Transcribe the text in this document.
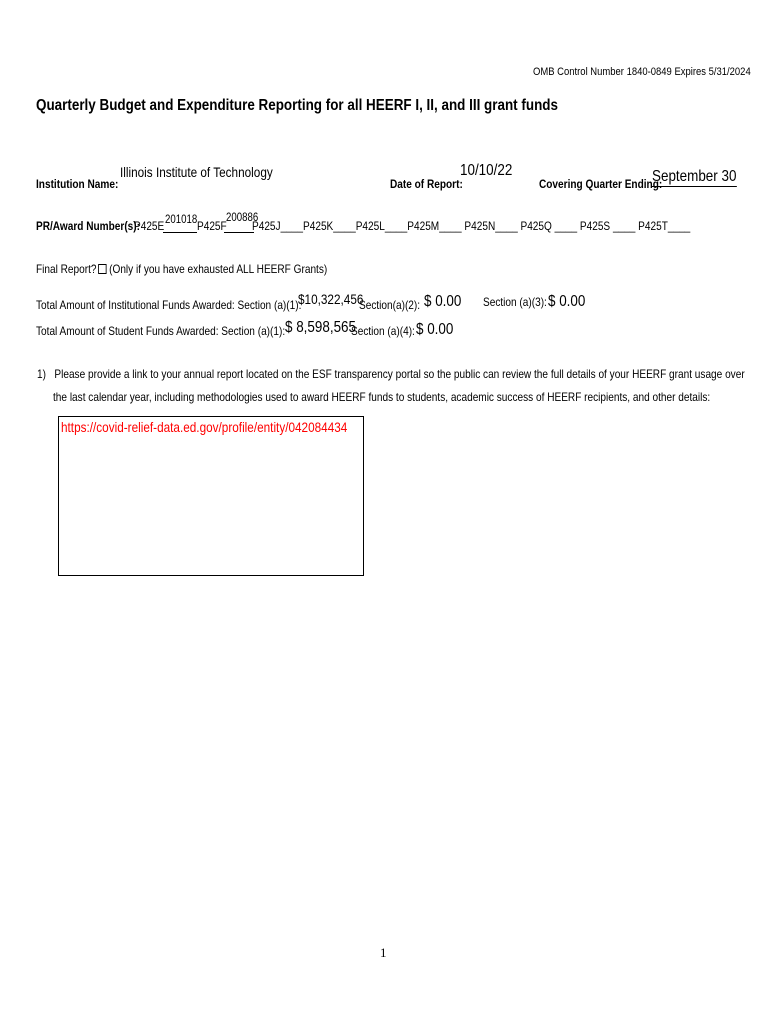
OMB Control Number 1840-0849 Expires 5/31/2024
Quarterly Budget and Expenditure Reporting for all HEERF I, II, and III grant funds
Institution Name:
Illinois Institute of Technology
Date of Report:
10/10/22
Covering Quarter Ending:
September 30
PR/Award Number(s):
P425E 201018 P425F
200886
P425J____P425K____P425L____P425M____ P425N____ P425Q ____ P425S ____ P425T____
Final Report? (Only if you have exhausted ALL HEERF Grants)
Total Amount of Institutional Funds Awarded: Section (a)(1):
$10,322,456
Section(a)(2): $ 0.00 Section (a)(3): $ 0.00
Total Amount of Student Funds Awarded: Section (a)(1): $ 8,598,565
Section (a)(4): $ 0.00
1) Please provide a link to your annual report located on the ESF transparency portal so the public can review the full details of your HEERF grant usage over
the last calendar year, including methodologies used to award HEERF funds to students, academic success of HEERF recipients, and other details:
https://covid-relief-data.ed.gov/profile/entity/042084434
1
